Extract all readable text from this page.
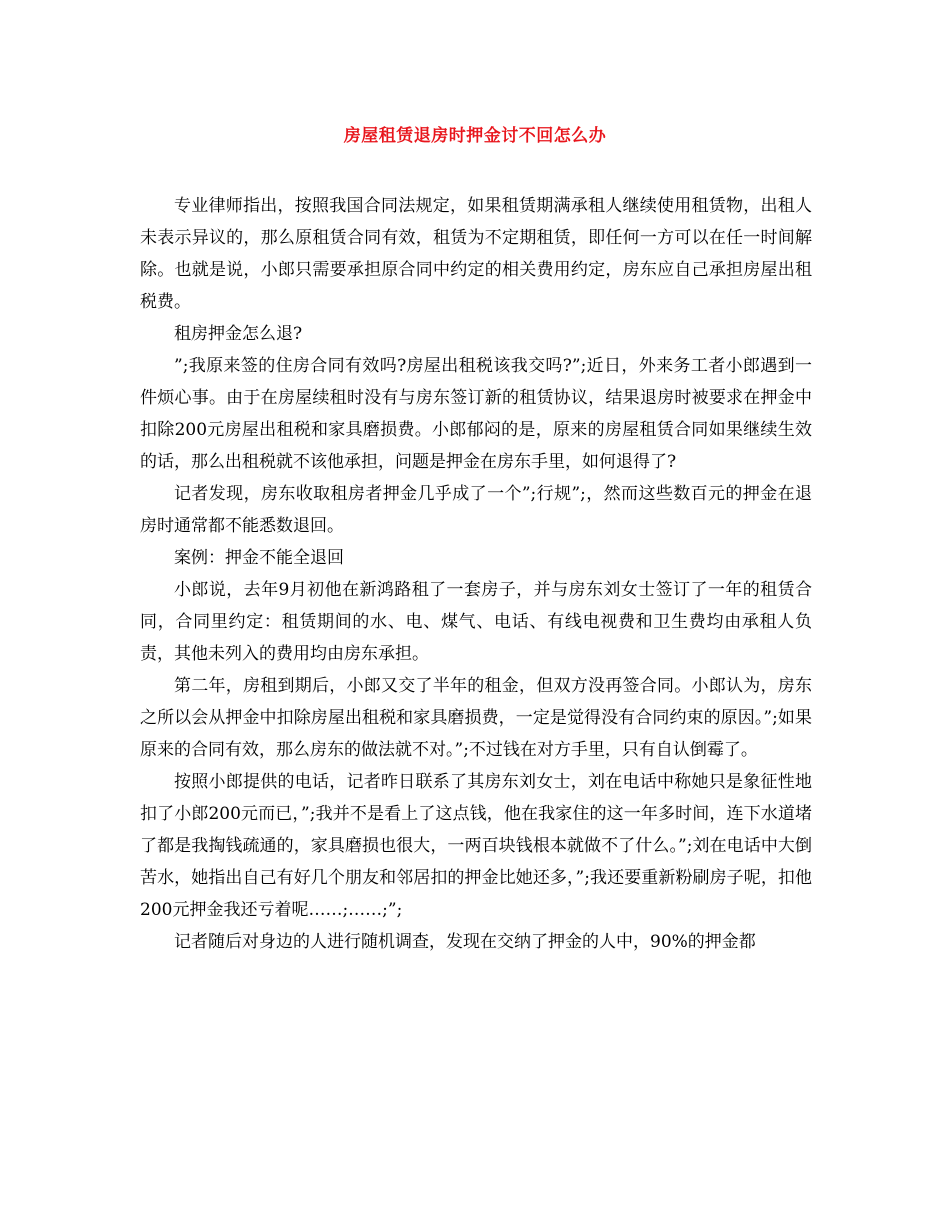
房屋租赁退房时押金讨不回怎么办

专业律师指出，按照我国合同法规定，如果租赁期满承租人继续使用租赁物，出租人未表示异议的，那么原租赁合同有效，租赁为不定期租赁，即任何一方可以在任一时间解除。也就是说，小郎只需要承担原合同中约定的相关费用约定，房东应自己承担房屋出租税费。

租房押金怎么退?

”;我原来签的住房合同有效吗?房屋出租税该我交吗?”;近日，外来务工者小郎遇到一件烦心事。由于在房屋续租时没有与房东签订新的租赁协议，结果退房时被要求在押金中扣除200元房屋出租税和家具磨损费。小郎郁闷的是，原来的房屋租赁合同如果继续生效的话，那么出租税就不该他承担，问题是押金在房东手里，如何退得了?

记者发现，房东收取租房者押金几乎成了一个”;行规”;，然而这些数百元的押金在退房时通常都不能悉数退回。

案例：押金不能全退回

小郎说，去年9月初他在新鸿路租了一套房子，并与房东刘女士签订了一年的租赁合同，合同里约定：租赁期间的水、电、煤气、电话、有线电视费和卫生费均由承租人负责，其他未列入的费用均由房东承担。

第二年，房租到期后，小郎又交了半年的租金，但双方没再签合同。小郎认为，房东之所以会从押金中扣除房屋出租税和家具磨损费，一定是觉得没有合同约束的原因。”;如果原来的合同有效，那么房东的做法就不对。”;不过钱在对方手里，只有自认倒霉了。

按照小郎提供的电话，记者昨日联系了其房东刘女士，刘在电话中称她只是象征性地扣了小郎200元而已，”;我并不是看上了这点钱，他在我家住的这一年多时间，连下水道堵了都是我掏钱疏通的，家具磨损也很大，一两百块钱根本就做不了什么。”;刘在电话中大倒苦水，她指出自己有好几个朋友和邻居扣的押金比她还多，”;我还要重新粉刷房子呢，扣他200元押金我还亏着呢……;……;”;

记者随后对身边的人进行随机调查，发现在交纳了押金的人中，90%的押金都
